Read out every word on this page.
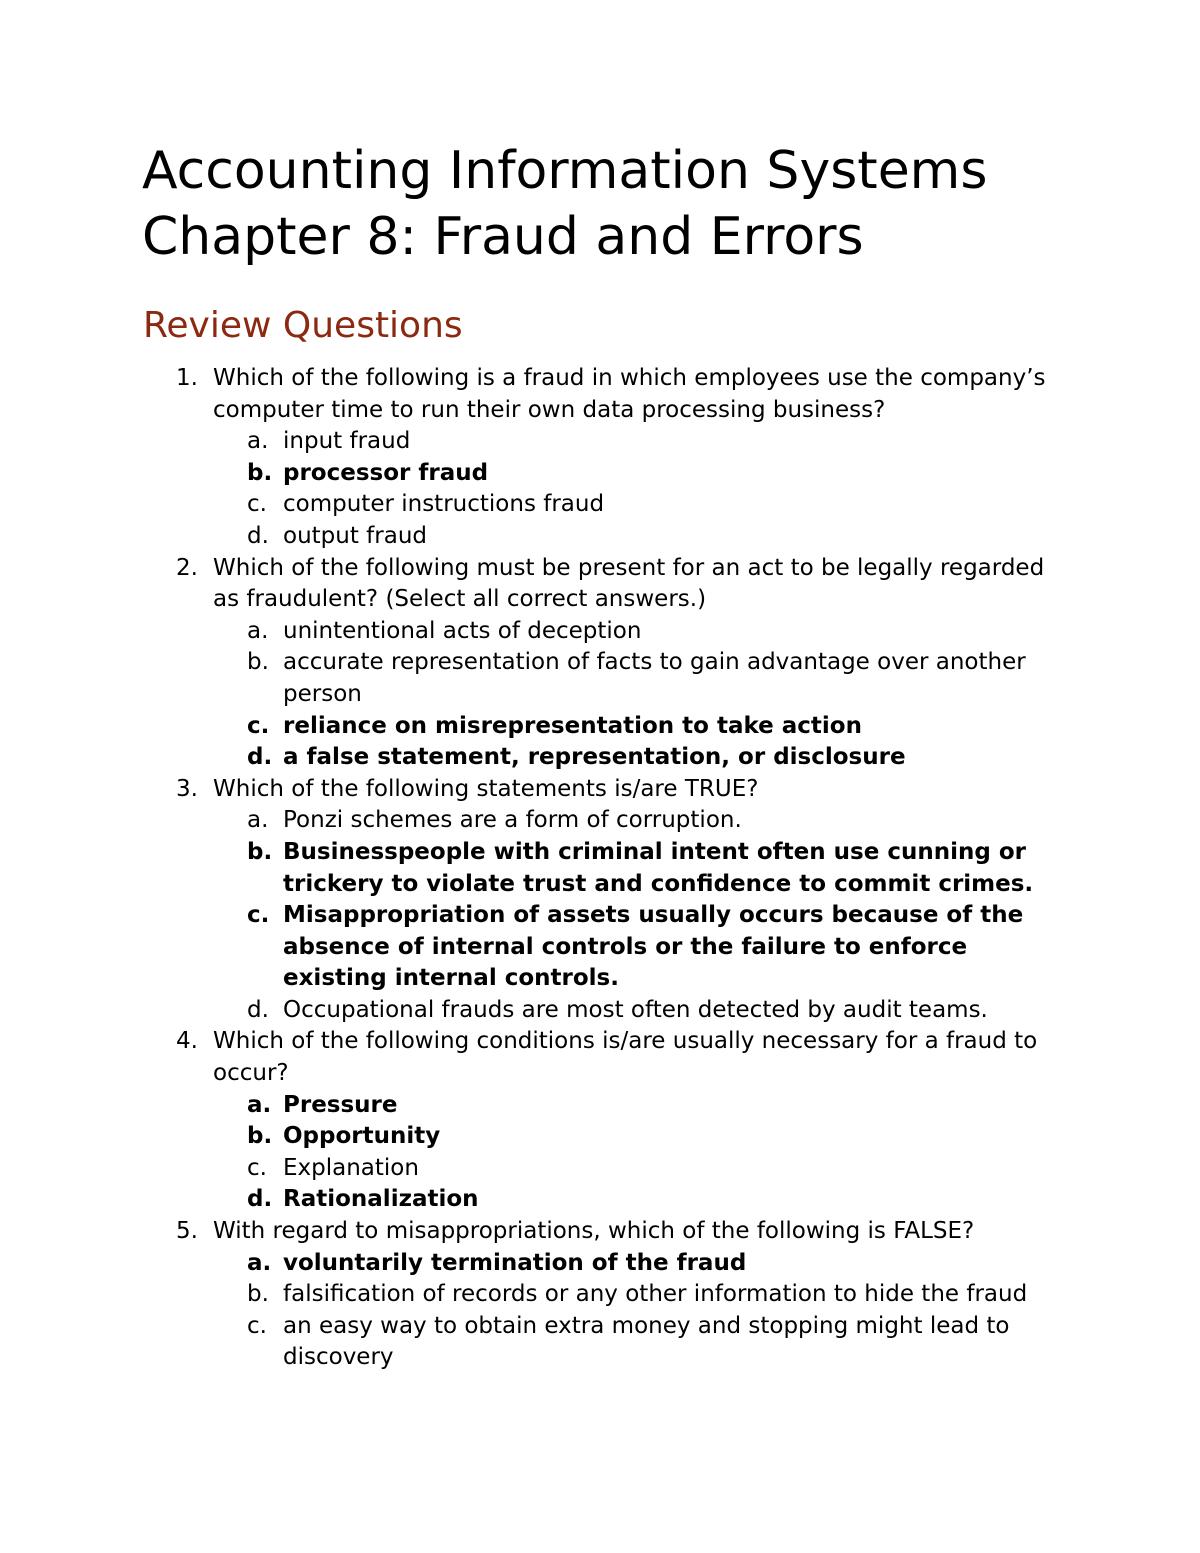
Accounting Information Systems
Chapter 8: Fraud and Errors
Review Questions
1. Which of the following is a fraud in which employees use the company’s computer time to run their own data processing business?
a. input fraud
b. processor fraud
c. computer instructions fraud
d. output fraud
2. Which of the following must be present for an act to be legally regarded as fraudulent? (Select all correct answers.)
a. unintentional acts of deception
b. accurate representation of facts to gain advantage over another person
c. reliance on misrepresentation to take action
d. a false statement, representation, or disclosure
3. Which of the following statements is/are TRUE?
a. Ponzi schemes are a form of corruption.
b. Businesspeople with criminal intent often use cunning or trickery to violate trust and confidence to commit crimes.
c. Misappropriation of assets usually occurs because of the absence of internal controls or the failure to enforce existing internal controls.
d. Occupational frauds are most often detected by audit teams.
4. Which of the following conditions is/are usually necessary for a fraud to occur?
a. Pressure
b. Opportunity
c. Explanation
d. Rationalization
5. With regard to misappropriations, which of the following is FALSE?
a. voluntarily termination of the fraud
b. falsification of records or any other information to hide the fraud
c. an easy way to obtain extra money and stopping might lead to discovery
